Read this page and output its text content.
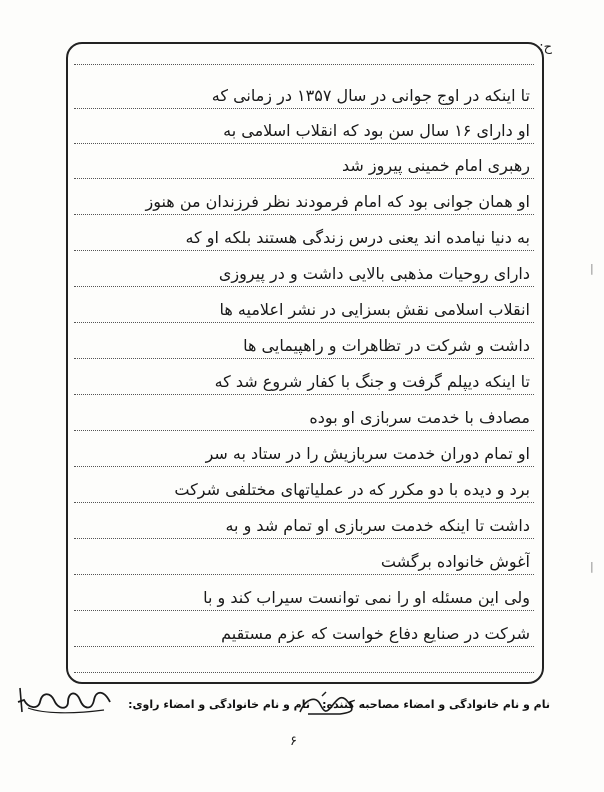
ح:
تا اینکه در اوج جوانی در سال ۱۳۵۷ در زمانی که
او دارای ۱۶ سال سن بود که انقلاب اسلامی به
رهبری امام خمینی پیروز شد
او همان جوانی بود که امام فرمودند نظر فرزندان من هنوز
به دنیا نیامده اند یعنی درس زندگی هستند بلکه او که
دارای روحیات مذهبی بالایی داشت و در پیروزی
انقلاب اسلامی نقش بسزایی در نشر اعلامیه ها
داشت و شرکت در تظاهرات و راهپیمایی ها
تا اینکه دیپلم گرفت و جنگ با کفار شروع شد که
مصادف با خدمت سربازی او بوده
او تمام دوران خدمت سربازیش را در ستاد به سر
برد و دیده با دو مکرر که در عملیاتهای مختلفی شرکت
داشت تا اینکه خدمت سربازی او تمام شد و به
آغوش خانواده برگشت
ولی این مسئله او را نمی توانست سیراب کند و با
شرکت در صنایع دفاع خواست که عزم مستقیم
نام و نام خانوادگی و امضاء مصاحبه کننده:
نام و نام خانوادگی و امضاء راوی:
۶
|
|
